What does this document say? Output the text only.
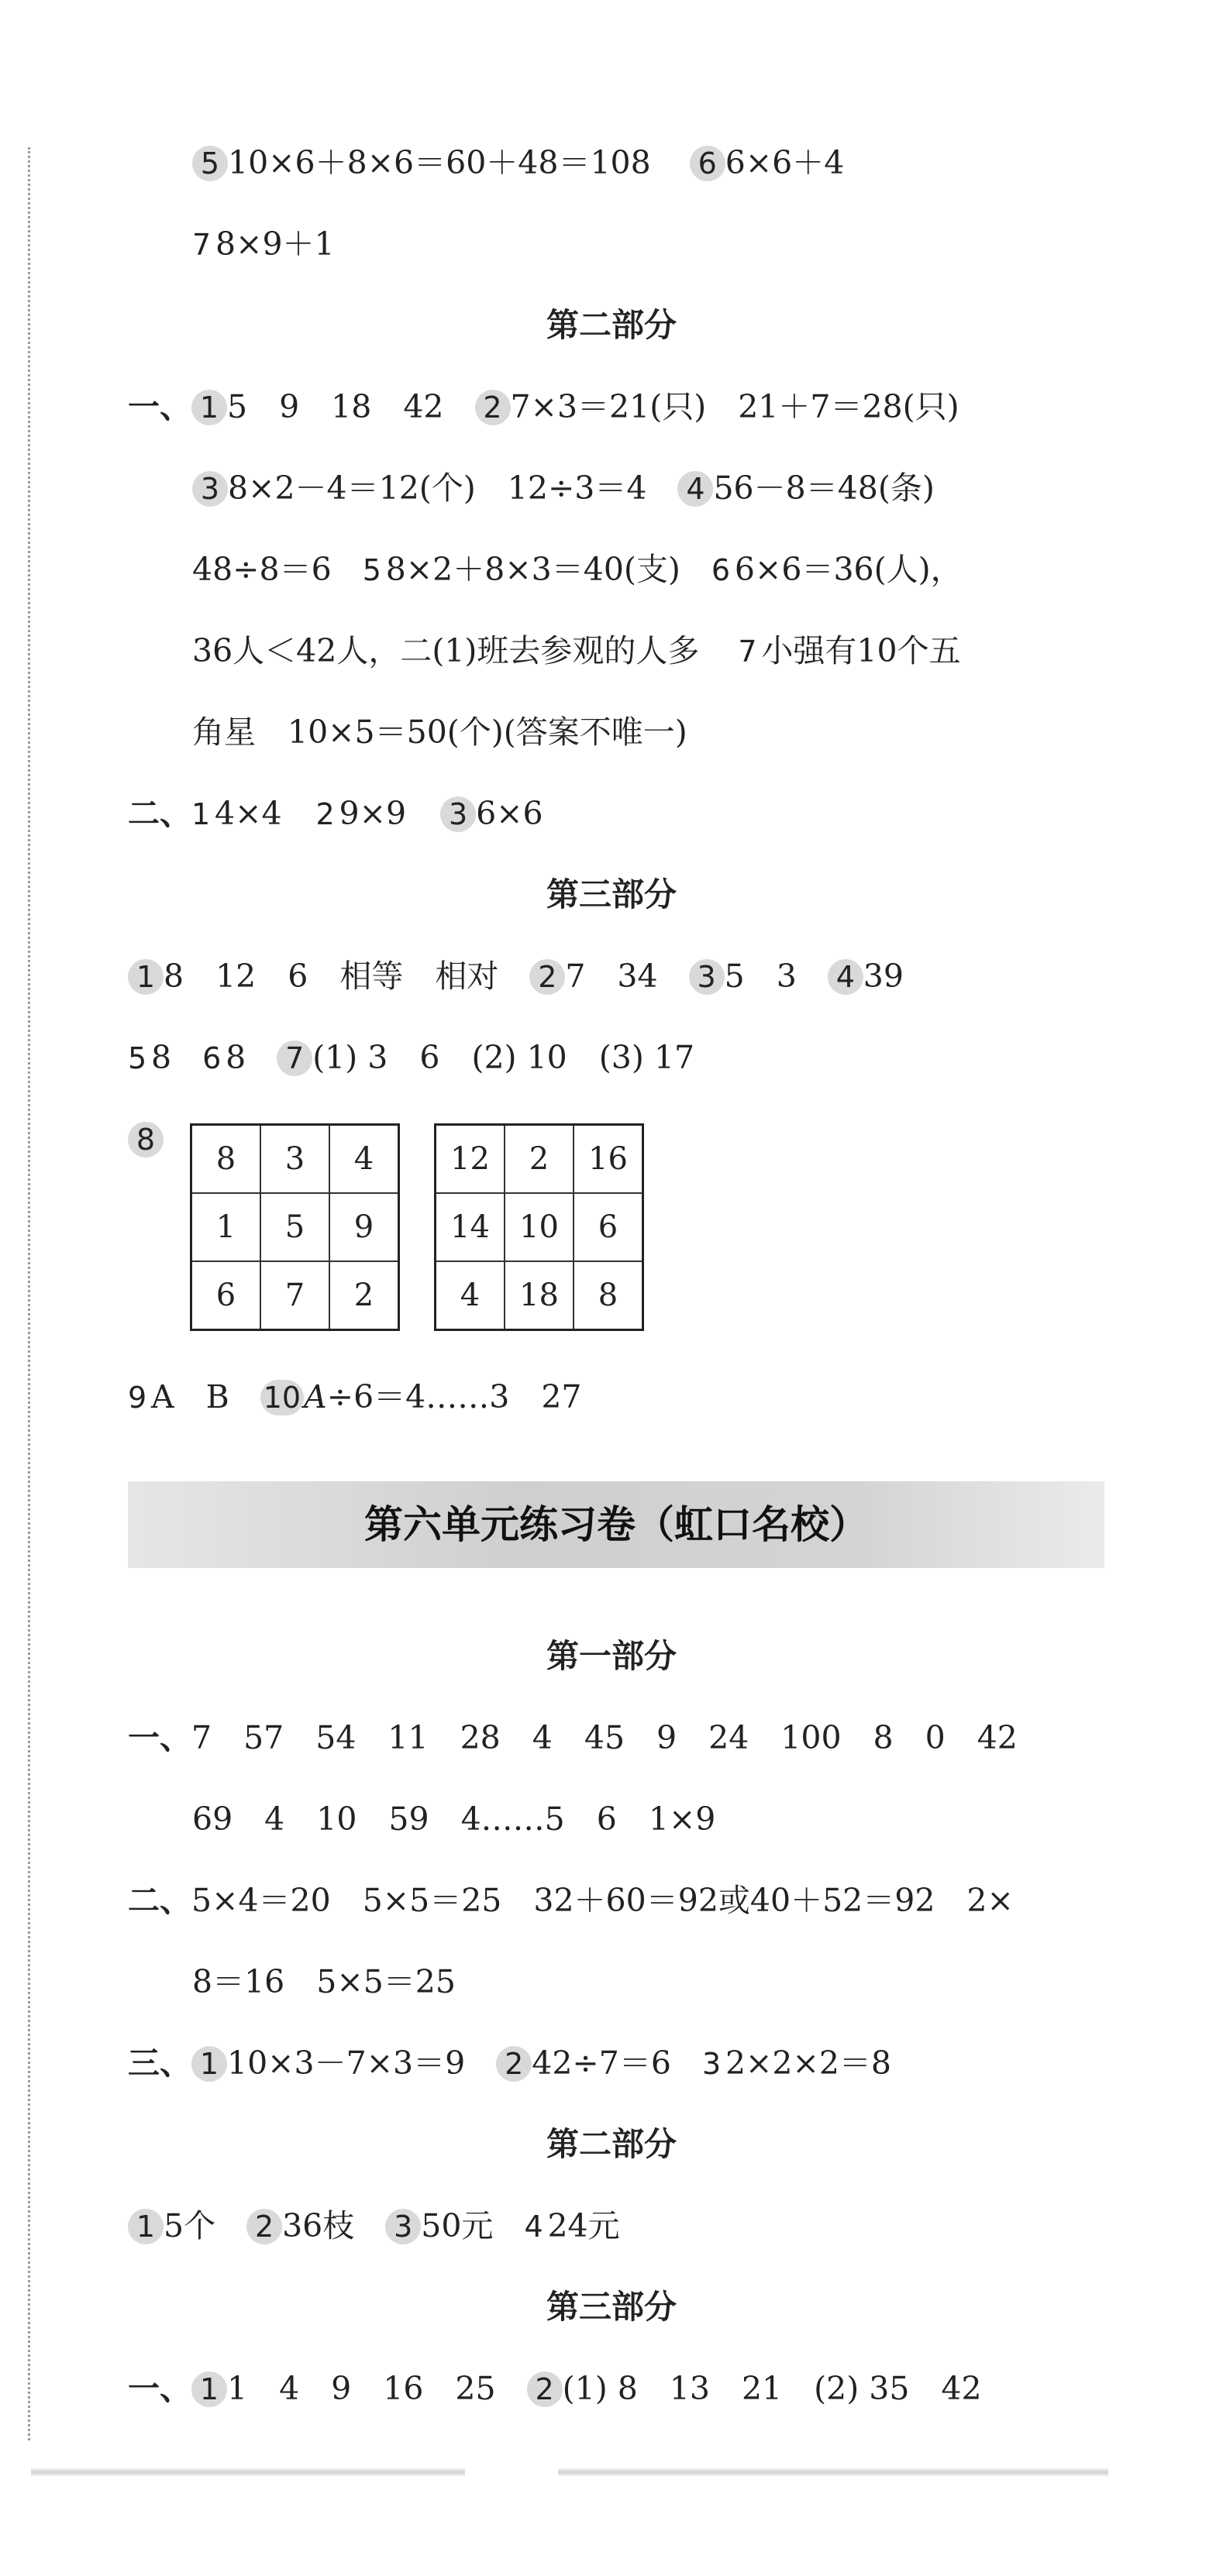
5 10×6＋8×6＝60＋48＝108 6 6×6＋4
7 8×9＋1
第二部分
一、 1 5　9　18　42 2 7×3＝21(只)　21＋7＝28(只)
3 8×2－4＝12(个)　12÷3＝4 4 56－8＝48(条)
48÷8＝6 5 8×2＋8×3＝40(支) 6 6×6＝36(人)，
36人＜42人，二(1)班去参观的人多 7 小强有10个五
角星　10×5＝50(个)(答案不唯一)
二、1 4×4 2 9×9 3 6×6
第三部分
1 8　12　6　相等　相对 2 7　34 3 5　3 4 39
5 8 6 8 7 (1) 3　6　(2) 10　(3) 17
8
8	3	4
1	5	9
6	7	2
12	2	16
14	10	6
4	18	8
9 A　B 10A÷6＝4……3　27
第六单元练习卷（虹口名校）
第一部分
一、7　57　54　11　28　4　45　9　24　100　8　0　42
69　4　10　59　4……5　6　1×9
二、5×4＝20　5×5＝25　32＋60＝92或40＋52＝92　2×
8＝16　5×5＝25
三、 1 10×3－7×3＝9 2 42÷7＝6 3 2×2×2＝8
第二部分
1 5个 2 36枝 3 50元 4 24元
第三部分
一、 1 1　4　9　16　25 2 (1) 8　13　21　(2) 35　42
